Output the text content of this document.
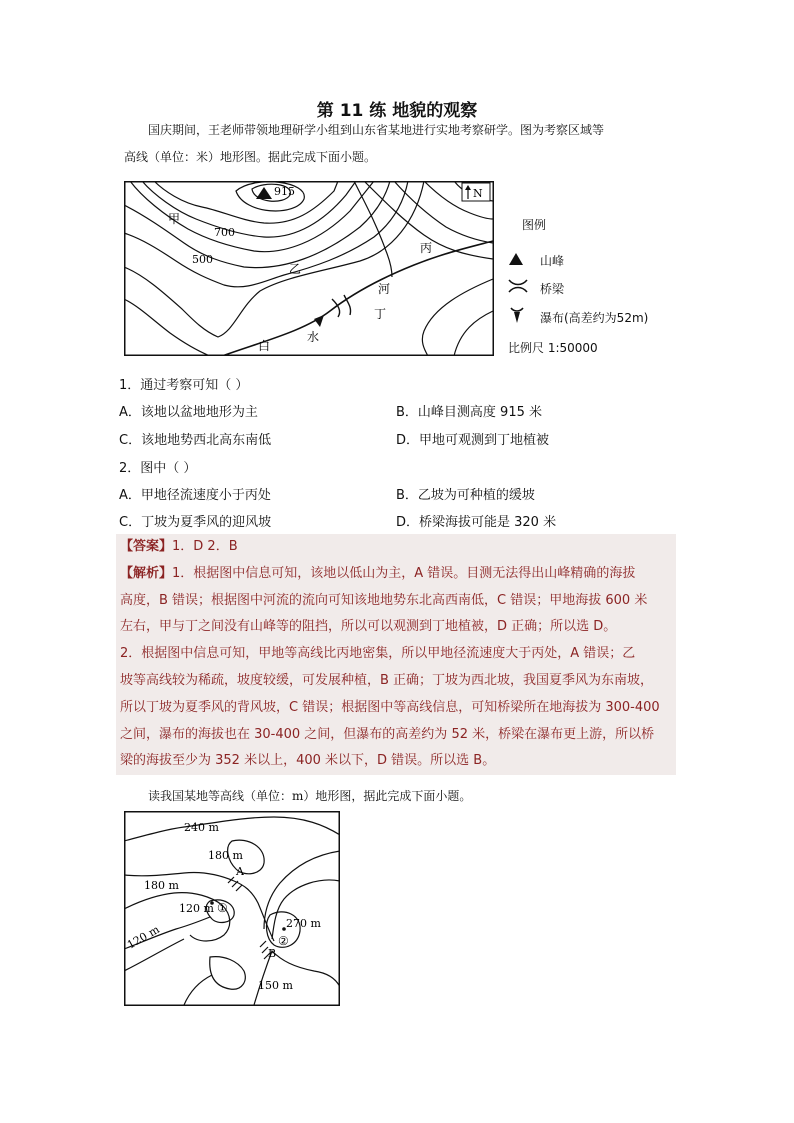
第 11 练 地貌的观察
国庆期间，王老师带领地理研学小组到山东省某地进行实地考察研学。图为考察区域等
高线（单位：米）地形图。据此完成下面小题。
N
915
700
500
甲
乙
丙
河
丁
水
白
图例
山峰
桥梁
瀑布(高差约为52m)
比例尺 1:50000
1．通过考察可知（ ）
A．该地以盆地地形为主	B．山峰目测高度 915 米
C．该地地势西北高东南低	D．甲地可观测到丁地植被
2．图中（ ）
A．甲地径流速度小于丙处	B．乙坡为可种植的缓坡
C．丁坡为夏季风的迎风坡	D．桥梁海拔可能是 320 米

【答案】1．D 2．B

【解析】1．根据图中信息可知，该地以低山为主，A 错误。目测无法得出山峰精确的海拔

高度，B 错误；根据图中河流的流向可知该地地势东北高西南低，C 错误；甲地海拔 600 米

左右，甲与丁之间没有山峰等的阻挡，所以可以观测到丁地植被，D 正确；所以选 D。

2．根据图中信息可知，甲地等高线比丙地密集，所以甲地径流速度大于丙处，A 错误；乙

坡等高线较为稀疏，坡度较缓，可发展种植，B 正确；丁坡为西北坡，我国夏季风为东南坡，

所以丁坡为夏季风的背风坡，C 错误；根据图中等高线信息，可知桥梁所在地海拔为 300-400

之间，瀑布的海拔也在 30-400 之间，但瀑布的高差约为 52 米，桥梁在瀑布更上游，所以桥

梁的海拔至少为 352 米以上，400 米以下，D 错误。所以选 B。

读我国某地等高线（单位：m）地形图，据此完成下面小题。
240 m
180 m
180 m
A
120 m ①
120 m	270 m
②
B
150 m
